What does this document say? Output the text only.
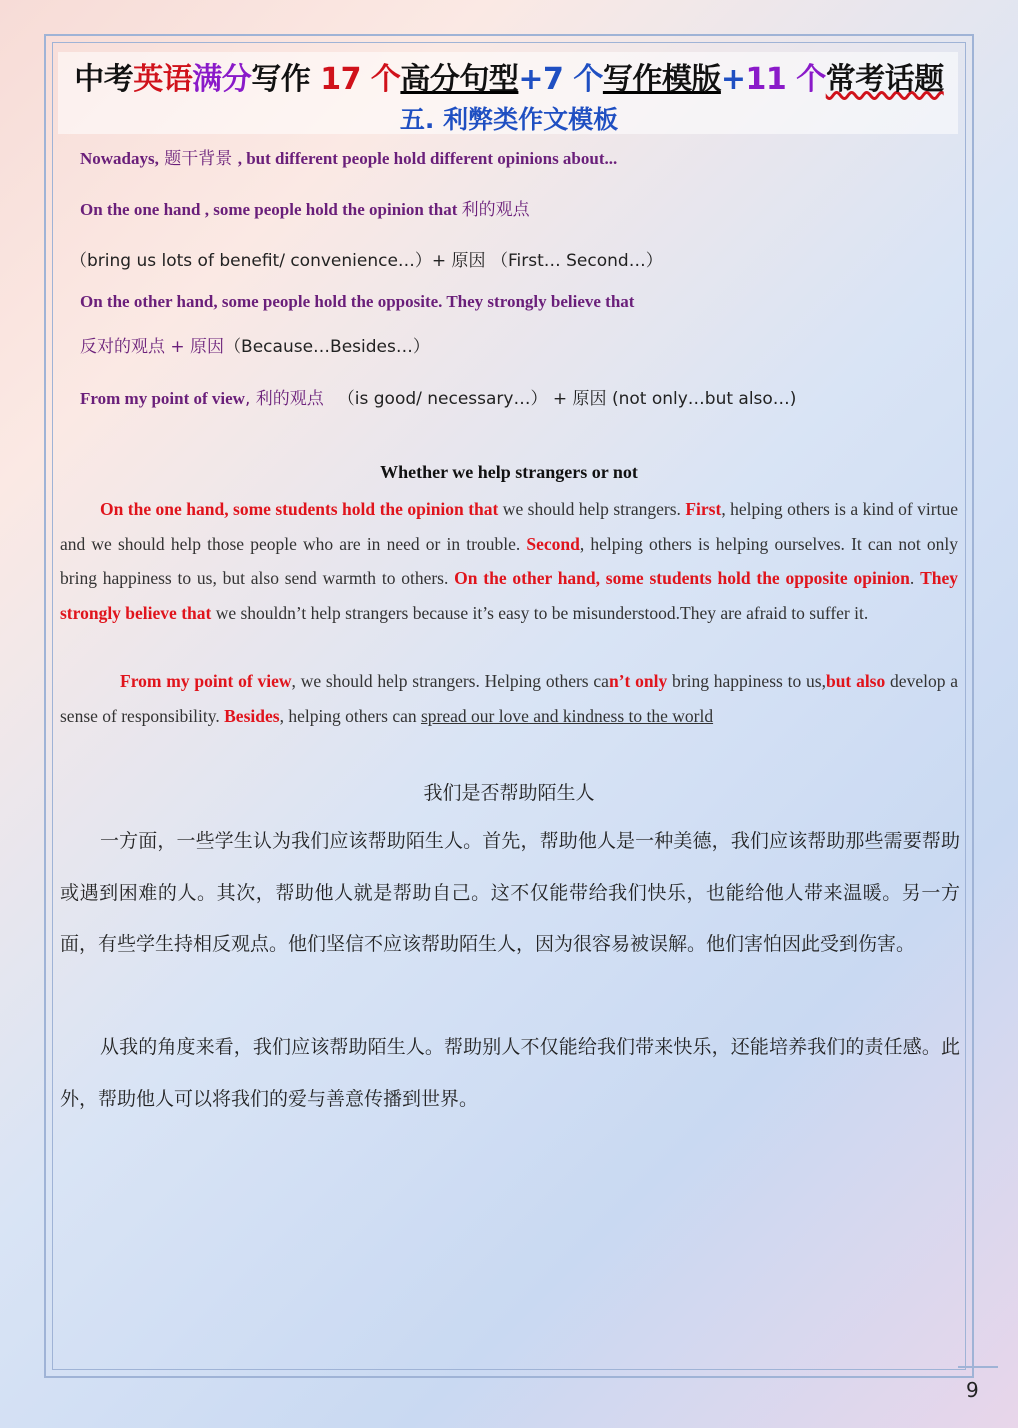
中考英语满分写作 17 个高分句型+7 个写作模版+11 个常考话题
五. 利弊类作文模板
Nowadays, 题干背景 , but different people hold different opinions about...
On the one hand , some people hold the opinion that 利的观点
（bring us lots of benefit/ convenience…）+ 原因 （First… Second…）
On the other hand, some people hold the opposite. They strongly believe that
反对的观点 + 原因（Because…Besides…）
From my point of view, 利的观点 （is good/ necessary…） + 原因 (not only…but also…)
Whether we help strangers or not
On the one hand, some students hold the opinion that we should help strangers. First, helping others is a kind of virtue and we should help those people who are in need or in trouble. Second, helping others is helping ourselves. It can not only bring happiness to us, but also send warmth to others. On the other hand, some students hold the opposite opinion. They strongly believe that we shouldn’t help strangers because it’s easy to be misunderstood.They are afraid to suffer it.
From my point of view, we should help strangers. Helping others can’t only bring happiness to us,but also develop a sense of responsibility. Besides, helping others can spread our love and kindness to the world
我们是否帮助陌生人
一方面，一些学生认为我们应该帮助陌生人。首先，帮助他人是一种美德，我们应该帮助那些需要帮助或遇到困难的人。其次，帮助他人就是帮助自己。这不仅能带给我们快乐，也能给他人带来温暖。另一方面，有些学生持相反观点。他们坚信不应该帮助陌生人，因为很容易被误解。他们害怕因此受到伤害。
从我的角度来看，我们应该帮助陌生人。帮助别人不仅能给我们带来快乐，还能培养我们的责任感。此外，帮助他人可以将我们的爱与善意传播到世界。
9
